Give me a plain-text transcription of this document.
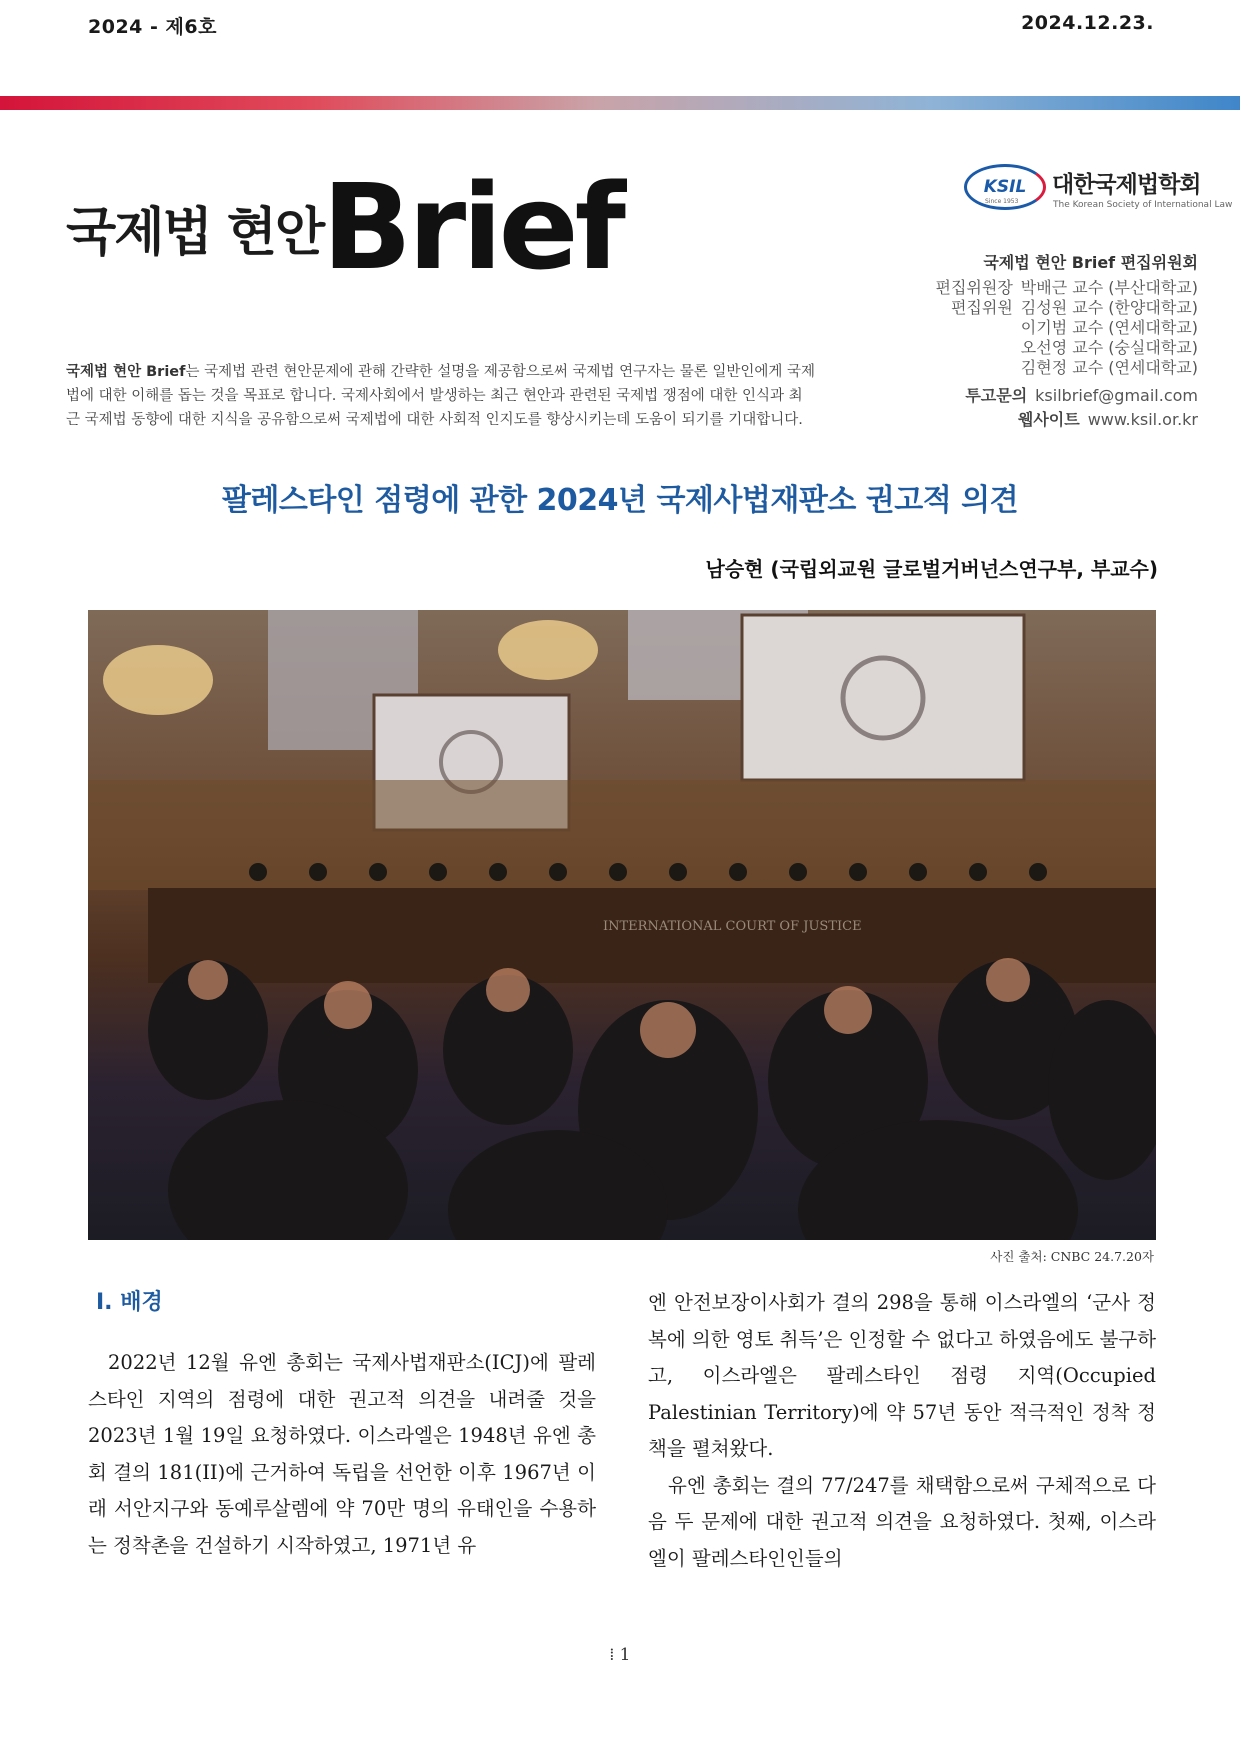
2024 - 제6호	2024.12.23.
국제법 현안
Brief
국제법 현안 Brief는 국제법 관련 현안문제에 관해 간략한 설명을 제공함으로써 국제법 연구자는 물론 일반인에게 국제법에 대한 이해를 돕는 것을 목표로 합니다. 국제사회에서 발생하는 최근 현안과 관련된 국제법 쟁점에 대한 인식과 최근 국제법 동향에 대한 지식을 공유함으로써 국제법에 대한 사회적 인지도를 향상시키는데 도움이 되기를 기대합니다.
KSIL
Since 1953
대한국제법학회
The Korean Society of International Law
국제법 현안 Brief 편집위원회
편집위원장 박배근 교수 (부산대학교)
편집위원 김성원 교수 (한양대학교)
이기범 교수 (연세대학교)
오선영 교수 (숭실대학교)
김현정 교수 (연세대학교)
투고문의 ksilbrief@gmail.com
웹사이트 www.ksil.or.kr
팔레스타인 점령에 관한 2024년 국제사법재판소 권고적 의견
남승현 (국립외교원 글로벌거버넌스연구부, 부교수)
INTERNATIONAL COURT OF JUSTICE
사진 출처: CNBC 24.7.20자
Ⅰ. 배경

2022년 12월 유엔 총회는 국제사법재판소(ICJ)에 팔레스타인 지역의 점령에 대한 권고적 의견을 내려줄 것을 2023년 1월 19일 요청하였다. 이스라엘은 1948년 유엔 총회 결의 181(II)에 근거하여 독립을 선언한 이후 1967년 이래 서안지구와 동예루살렘에 약 70만 명의 유태인을 수용하는 정착촌을 건설하기 시작하였고, 1971년 유

엔 안전보장이사회가 결의 298을 통해 이스라엘의 ‘군사 정복에 의한 영토 취득’은 인정할 수 없다고 하였음에도 불구하고, 이스라엘은 팔레스타인 점령 지역(Occupied Palestinian Territory)에 약 57년 동안 적극적인 정착 정책을 펼쳐왔다.

유엔 총회는 결의 77/247를 채택함으로써 구체적으로 다음 두 문제에 대한 권고적 의견을 요청하였다. 첫째, 이스라엘이 팔레스타인인들의

⁞ 1
